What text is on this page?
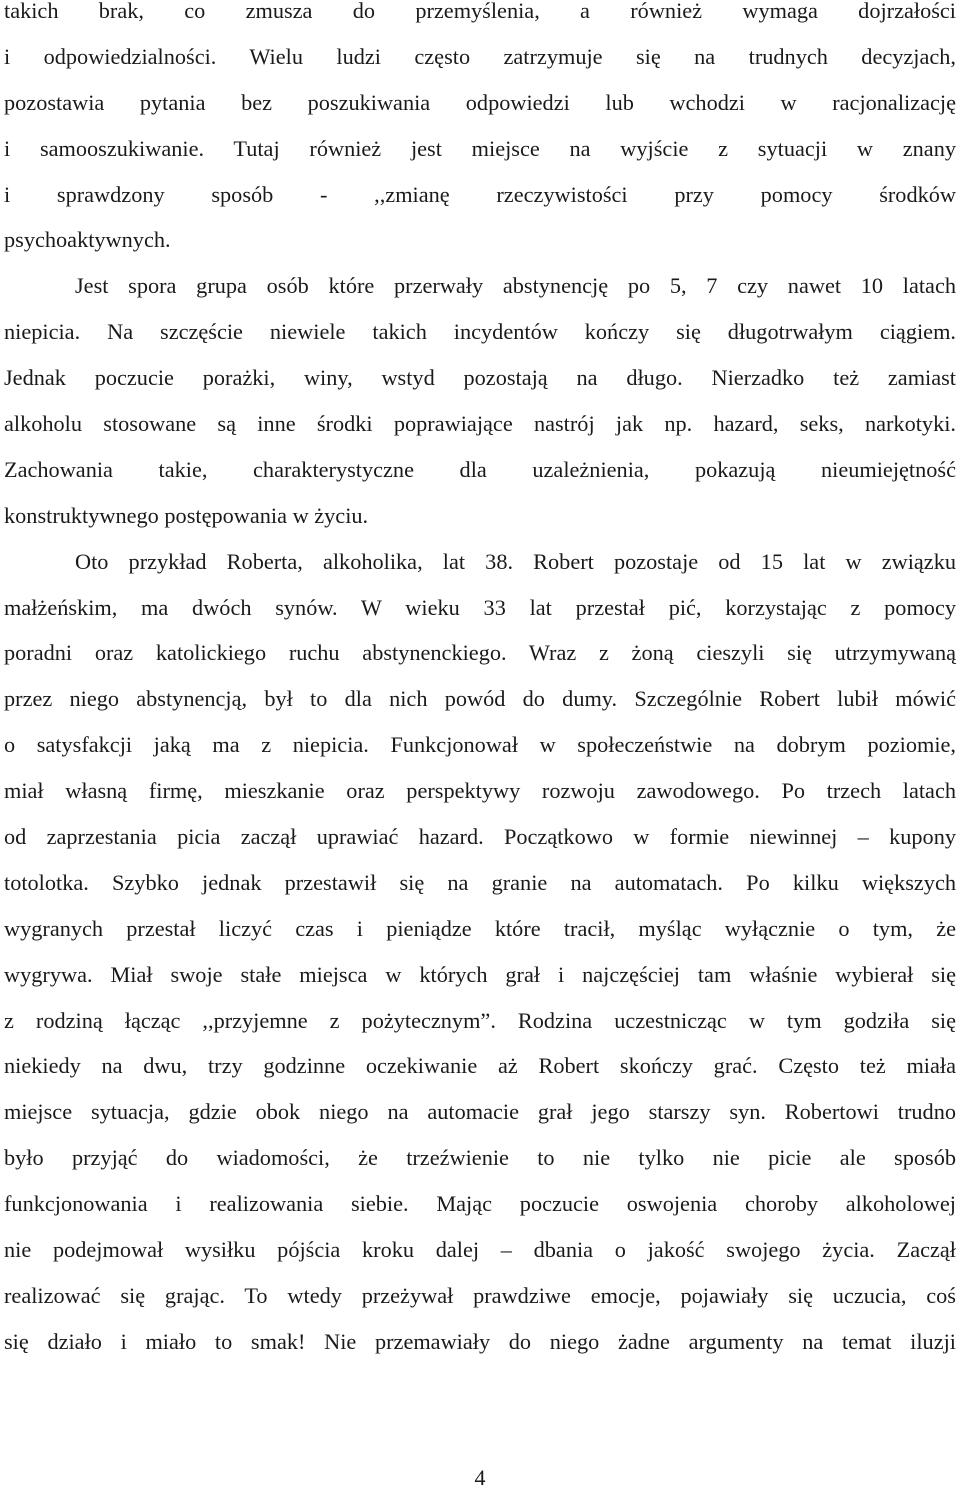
takich brak, co zmusza do przemyślenia, a również wymaga dojrzałości
i odpowiedzialności. Wielu ludzi często zatrzymuje się na trudnych decyzjach,
pozostawia pytania bez poszukiwania odpowiedzi lub wchodzi w racjonalizację
i samooszukiwanie. Tutaj również jest miejsce na wyjście z sytuacji w znany
i sprawdzony sposób - ,,zmianę rzeczywistości przy pomocy środków
psychoaktywnych.
Jest spora grupa osób które przerwały abstynencję po 5, 7 czy nawet 10 latach
niepicia. Na szczęście niewiele takich incydentów kończy się długotrwałym ciągiem.
Jednak poczucie porażki, winy, wstyd pozostają na długo. Nierzadko też zamiast
alkoholu stosowane są inne środki poprawiające nastrój jak np. hazard, seks, narkotyki.
Zachowania takie, charakterystyczne dla uzależnienia, pokazują nieumiejętność
konstruktywnego postępowania w życiu.
Oto przykład Roberta, alkoholika, lat 38. Robert pozostaje od 15 lat w związku
małżeńskim, ma dwóch synów. W wieku 33 lat przestał pić, korzystając z pomocy
poradni oraz katolickiego ruchu abstynenckiego. Wraz z żoną cieszyli się utrzymywaną
przez niego abstynencją, był to dla nich powód do dumy. Szczególnie Robert lubił mówić
o satysfakcji jaką ma z niepicia. Funkcjonował w społeczeństwie na dobrym poziomie,
miał własną firmę, mieszkanie oraz perspektywy rozwoju zawodowego. Po trzech latach
od zaprzestania picia zaczął uprawiać hazard. Początkowo w formie niewinnej – kupony
totolotka. Szybko jednak przestawił się na granie na automatach. Po kilku większych
wygranych przestał liczyć czas i pieniądze które tracił, myśląc wyłącznie o tym, że
wygrywa. Miał swoje stałe miejsca w których grał i najczęściej tam właśnie wybierał się
z rodziną łącząc ,,przyjemne z pożytecznym”. Rodzina uczestnicząc w tym godziła się
niekiedy na dwu, trzy godzinne oczekiwanie aż Robert skończy grać. Często też miała
miejsce sytuacja, gdzie obok niego na automacie grał jego starszy syn. Robertowi trudno
było przyjąć do wiadomości, że trzeźwienie to nie tylko nie picie ale sposób
funkcjonowania i realizowania siebie. Mając poczucie oswojenia choroby alkoholowej
nie podejmował wysiłku pójścia kroku dalej – dbania o jakość swojego życia. Zaczął
realizować się grając. To wtedy przeżywał prawdziwe emocje, pojawiały się uczucia, coś
się działo i miało to smak! Nie przemawiały do niego żadne argumenty na temat iluzji
4
